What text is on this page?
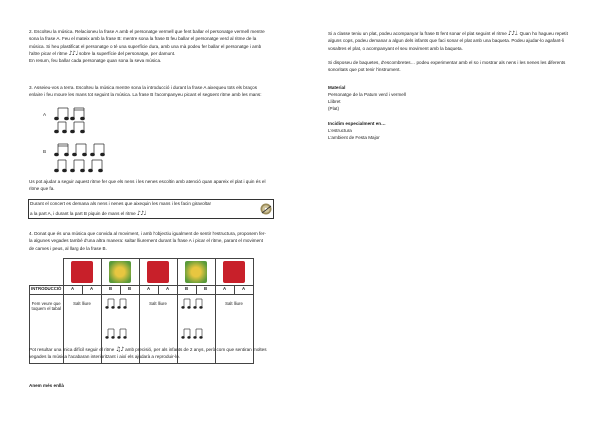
2. Escolteu la música. Relacioneu la frase A amb el personatge vermell que fent ballar el personatge vermell mentre sona la frase A. Feu el mateix amb la frase B: mentre sona la frase B feu ballar el personatge verd al ritme de la música. Si heu plastificat el personatge o té una superfície dura, amb una mà podeu fer ballar el personatge i amb l'altre picar el ritme ♪♪♩ sobre la superfície del personatge, per damunt.
En resum, feu ballar cada personatge quan sona la seva música.
3. Asseieu-vos a terra. Escolteu la música mentre sona la introducció i durant la frase A aixequeu tots els braços enlaire i feu moure les mans tot seguint la música. La frase B l'acompanyeu picant el següent ritme amb les mans:
A
B
Us pot ajudar a seguir aquest ritme fer que els nens i les nenes escoltin amb atenció quan apareix el plat i quin és el ritme que fa.
Durant el concert es demana als nens i nenes que aixequin les mans i les facin giravoltar
a la part A, i durant la part B piquin de mans el ritme ♪♪♩
4. Donat que és una música que convida al moviment, i amb l'objectiu igualment de sentir l'estructura, proposem fer-la algunes vegades també d'una altra manera: saltar lliurement durant la frase A i picar el ritme, parant el moviment de cames i peus, al llarg de la frase B.

INTRODUCCIÓ	A	A	B	B	A	A	B	B	A	A
Fem veure que toquem el tabal	Salt lliure				Salt lliure				Salt lliure	
Pot resultar una mica difícil seguir el ritme ♫♪ amb precisió, per als infants de 2 anys, però com que sentiran moltes vegades la música l'acabaran interioritzant i així els ajudarà a reproduir-lo.
Anem més enllà
Si a classe teniu un plat, podeu acompanyar la frase B fent sonar el plat seguint el ritme ♪♪♩. Quan ho hagueu repetit alguns cops, podeu demanar a algun dels infants que faci sonar el plat amb una baqueta. Podeu ajudar-lo agafant-li vosaltres el plat, o acompanyant el seu moviment amb la baqueta.
Si disposeu de baquetes, d'escombretes… podeu experimentar amb el so i mostrar als nens i les nenes les diferents sonoritats que pot tenir l'instrument.
Material
Personatge de la Patum verd i vermell
Llibret
(Plat)
Incidim especialment en…
L'estructura
L'ambient de Festa Major
